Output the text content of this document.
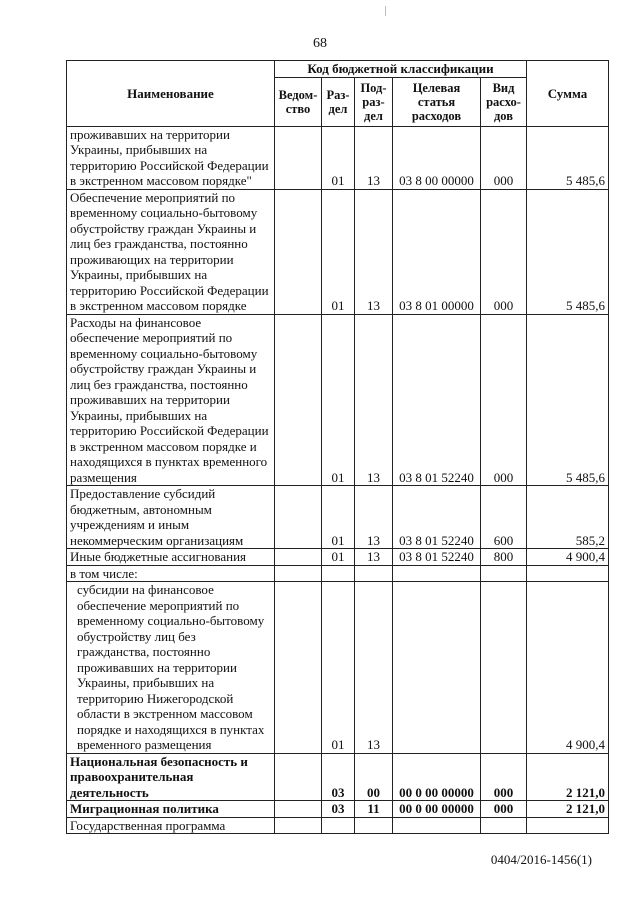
68
Наименование	Код бюджетной классификации					Сумма
	Ведом-ство	Раз-дел	Под-раз-дел	Целевая статья расходов	Вид расхо-дов	
проживавших на территории Украины, прибывших на территорию Российской Федерации в экстренном массовом порядке"		01	13	03 8 00 00000	000	5 485,6
Обеспечение мероприятий по временному социально-бытовому обустройству граждан Украины и лиц без гражданства, постоянно проживающих на территории Украины, прибывших на территорию Российской Федерации в экстренном массовом порядке		01	13	03 8 01 00000	000	5 485,6
Расходы на финансовое обеспечение мероприятий по временному социально-бытовому обустройству граждан Украины и лиц без гражданства, постоянно проживавших на территории Украины, прибывших на территорию Российской Федерации в экстренном массовом порядке и находящихся в пунктах временного размещения		01	13	03 8 01 52240	000	5 485,6
Предоставление субсидий бюджетным, автономным учреждениям и иным некоммерческим организациям		01	13	03 8 01 52240	600	585,2
Иные бюджетные ассигнования		01	13	03 8 01 52240	800	4 900,4
в том числе:						
субсидии на финансовое обеспечение мероприятий по временному социально-бытовому обустройству лиц без гражданства, постоянно проживавших на территории Украины, прибывших на территорию Нижегородской области в экстренном массовом порядке и находящихся в пунктах временного размещения		01	13			4 900,4
Национальная безопасность и правоохранительная деятельность		03	00	00 0 00 00000	000	2 121,0
Миграционная политика		03	11	00 0 00 00000	000	2 121,0
Государственная программа						
0404/2016-1456(1)
